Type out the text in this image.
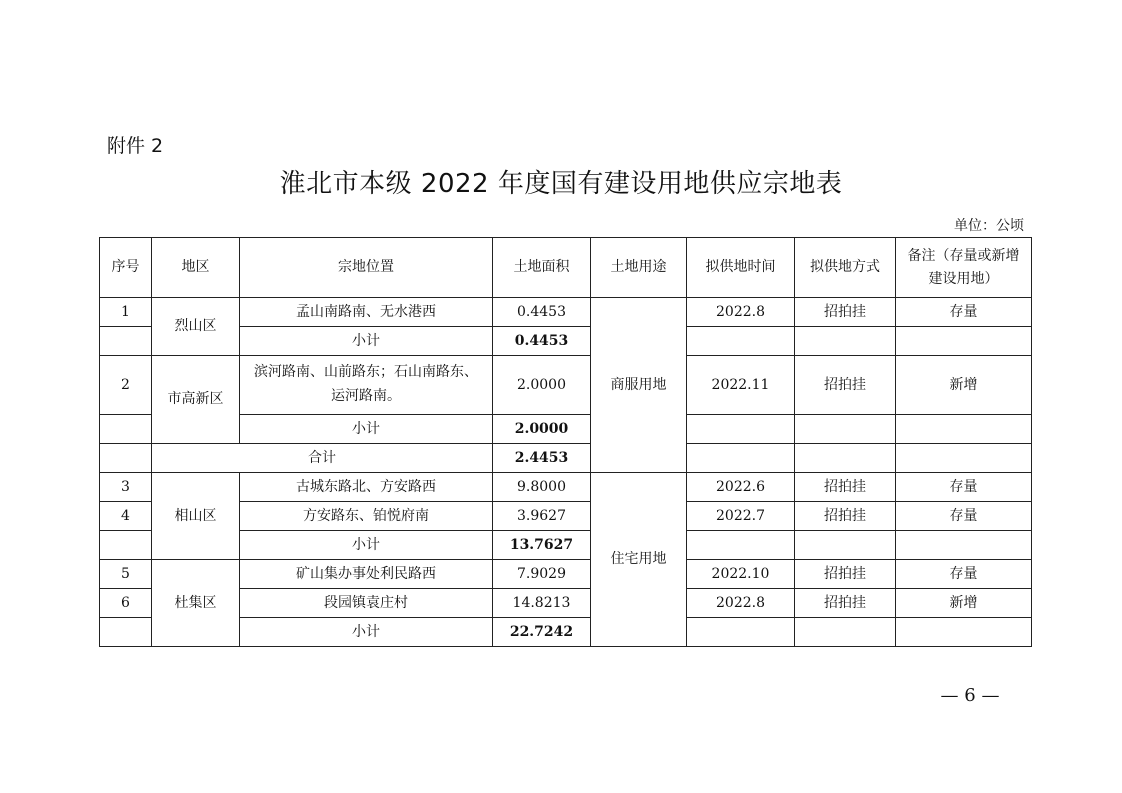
附件 2
淮北市本级 2022 年度国有建设用地供应宗地表
单位：公顷
序号	地区	宗地位置	土地面积	土地用途	拟供地时间	拟供地方式	备注（存量或新增建设用地）
1	烈山区	孟山南路南、无水港西	0.4453	商服用地	2022.8	招拍挂	存量
		小计	0.4453				
2	市高新区	滨河路南、山前路东；石山南路东、运河路南。	2.0000		2022.11	招拍挂	新增
		小计	2.0000				
	合计		2.4453				
3	相山区	古城东路北、方安路西	9.8000	住宅用地	2022.6	招拍挂	存量
4		方安路东、铂悦府南	3.9627		2022.7	招拍挂	存量
		小计	13.7627				
5	杜集区	矿山集办事处利民路西	7.9029		2022.10	招拍挂	存量
6		段园镇袁庄村	14.8213		2022.8	招拍挂	新增
		小计	22.7242				
— 6 —
